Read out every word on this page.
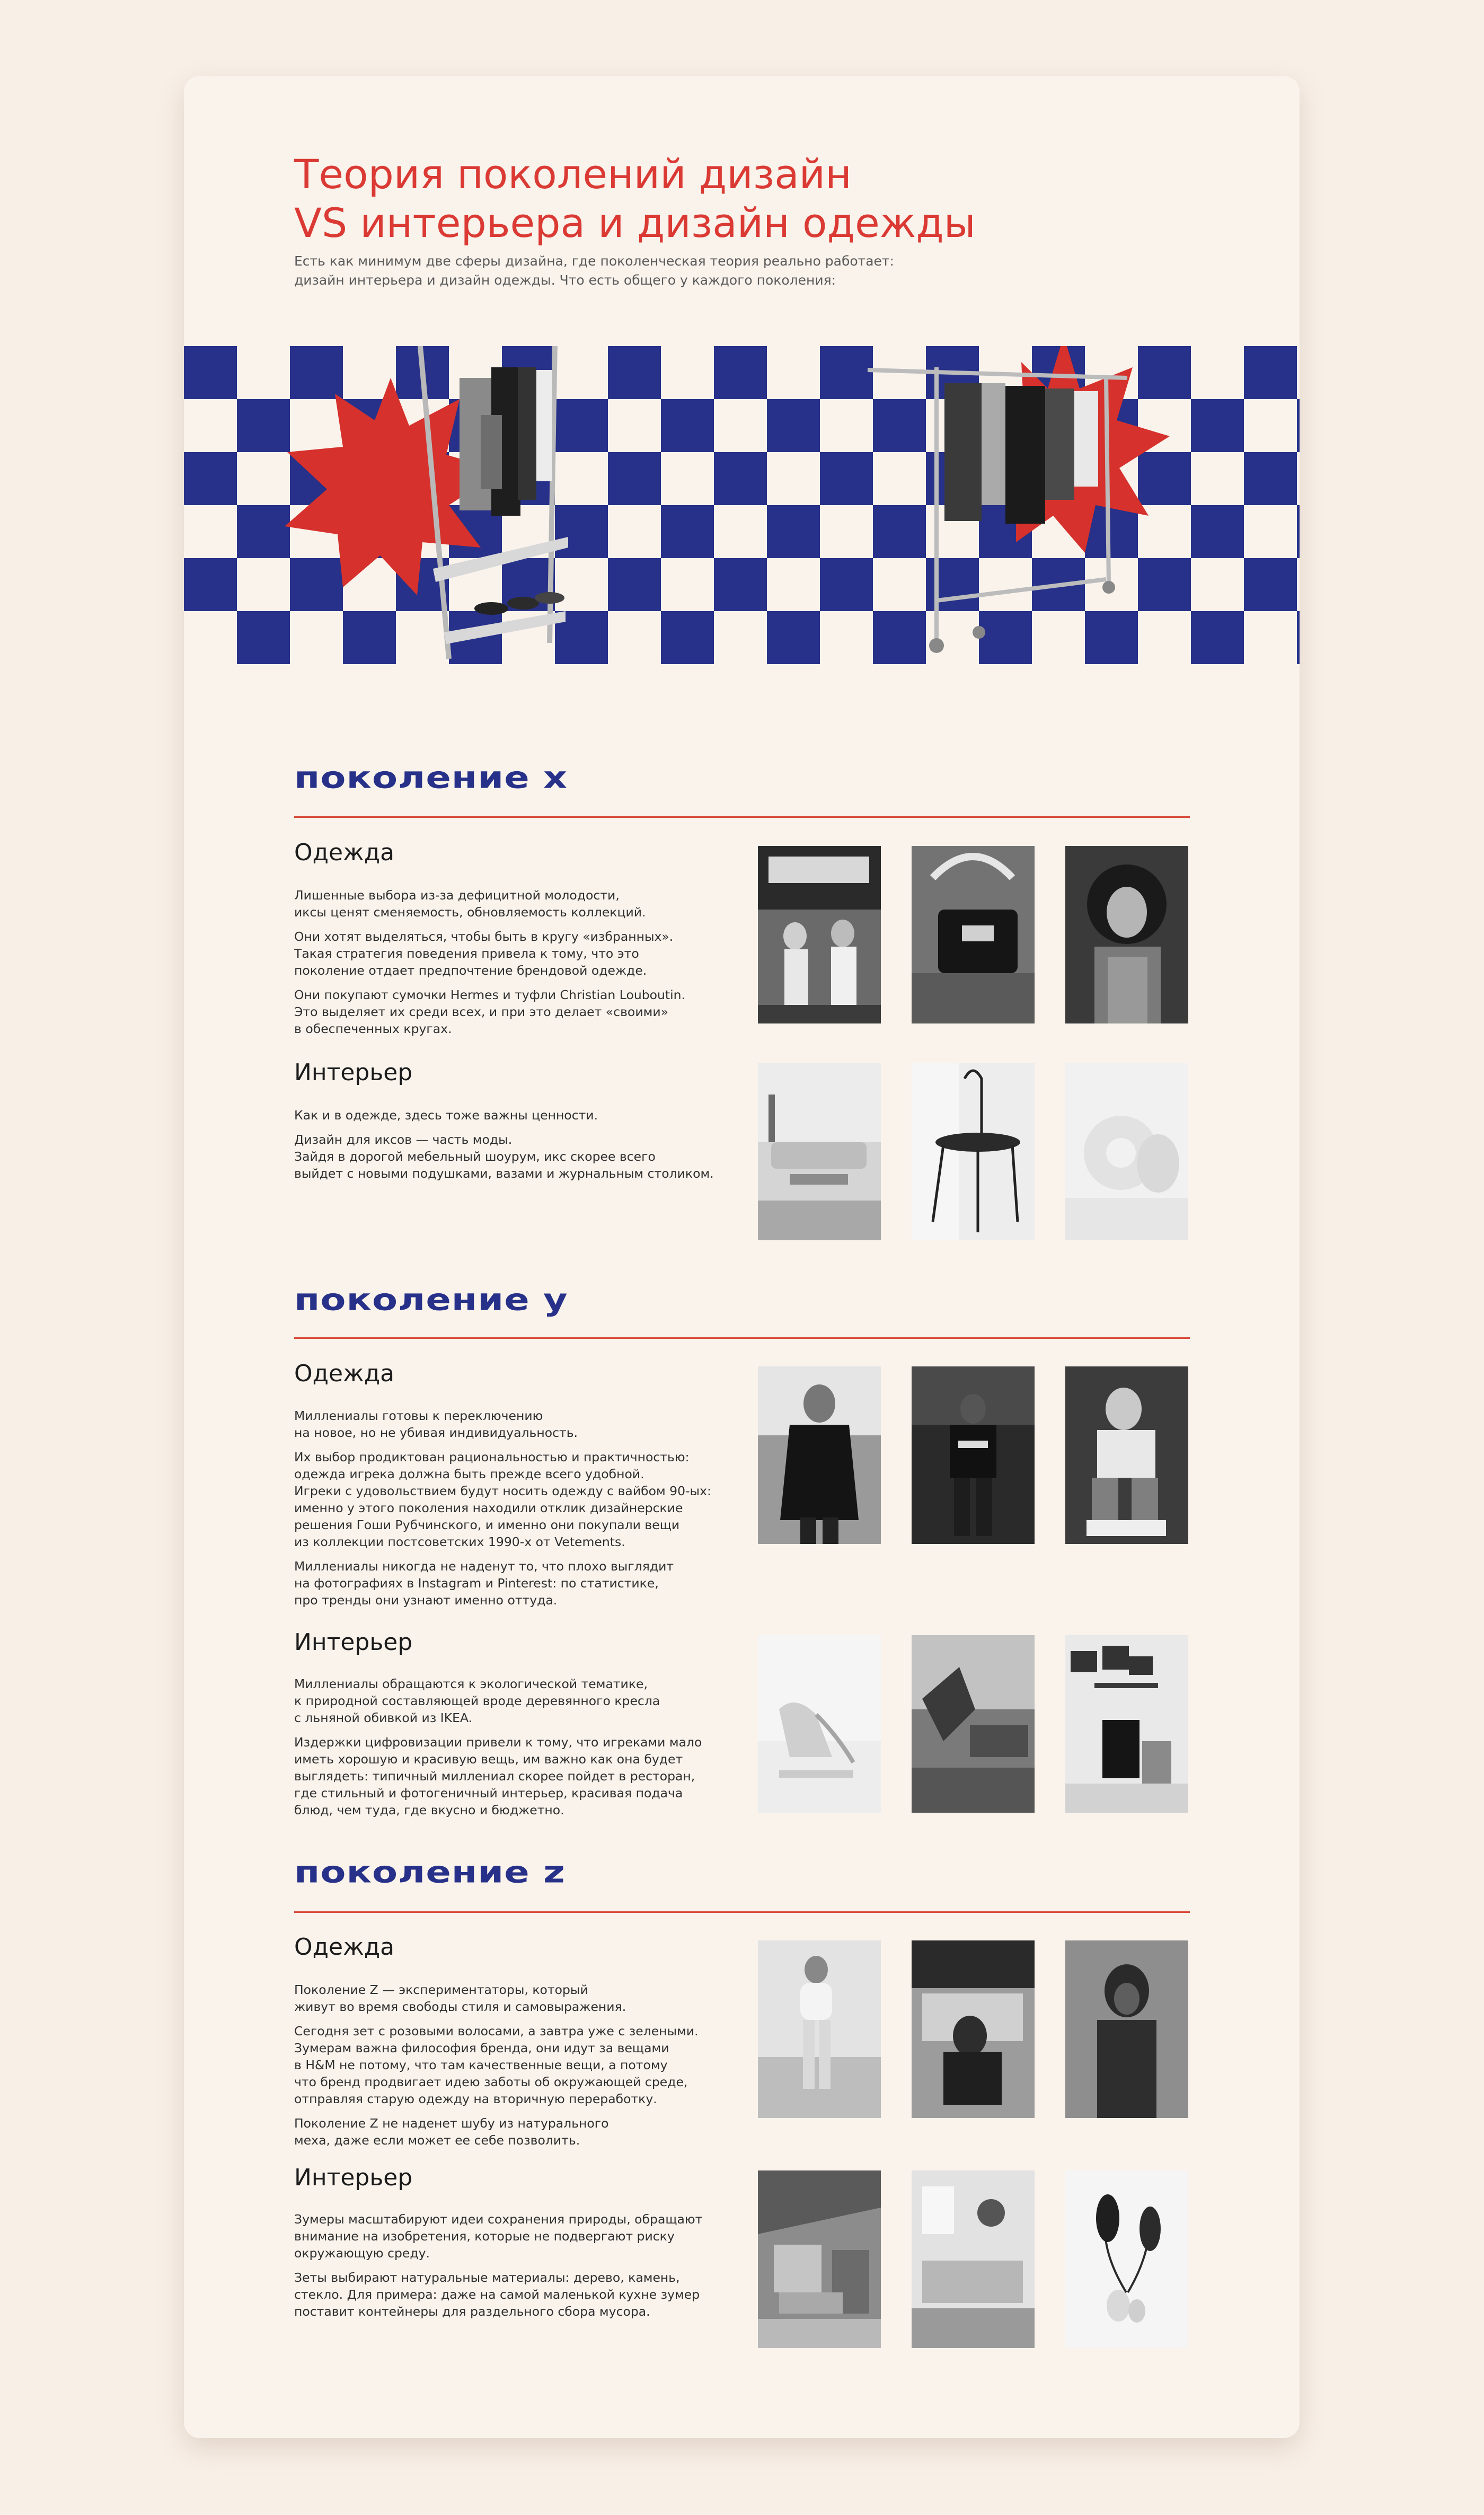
Теория поколений дизайн
VS интерьера и дизайн одежды

Есть как минимум две сферы дизайна, где поколенческая теория реально работает:
дизайн интерьера и дизайн одежды. Что есть общего у каждого поколения:

поколение x
Одежда

Лишенные выбора из-за дефицитной молодости,
иксы ценят сменяемость, обновляемость коллекций.

Они хотят выделяться, чтобы быть в кругу «избранных».
Такая стратегия поведения привела к тому, что это
поколение отдает предпочтение брендовой одежде.

Они покупают сумочки Hermes и туфли Christian Louboutin.
Это выделяет их среди всех, и при это делает «своими»
в обеспеченных кругах.

Интерьер

Как и в одежде, здесь тоже важны ценности.

Дизайн для иксов — часть моды.
Зайдя в дорогой мебельный шоурум, икс скорее всего
выйдет с новыми подушками, вазами и журнальным столиком.

поколение y
Одежда

Миллениалы готовы к переключению
на новое, но не убивая индивидуальность.

Их выбор продиктован рациональностью и практичностью:
одежда игрека должна быть прежде всего удобной.
Игреки с удовольствием будут носить одежду с вайбом 90-ых:
именно у этого поколения находили отклик дизайнерские
решения Гоши Рубчинского, и именно они покупали вещи
из коллекции постсоветских 1990-х от Vetements.

Миллениалы никогда не наденут то, что плохо выглядит
на фотографиях в Instagram и Pinterest: по статистике,
про тренды они узнают именно оттуда.

Интерьер

Миллениалы обращаются к экологической тематике,
к природной составляющей вроде деревянного кресла
с льняной обивкой из IKEA.

Издержки цифровизации привели к тому, что игреками мало
иметь хорошую и красивую вещь, им важно как она будет
выглядеть: типичный миллениал скорее пойдет в ресторан,
где стильный и фотогеничный интерьер, красивая подача
блюд, чем туда, где вкусно и бюджетно.

поколение z
Одежда

Поколение Z — экспериментаторы, который
живут во время свободы стиля и самовыражения.

Сегодня зет с розовыми волосами, а завтра уже с зелеными.
Зумерам важна философия бренда, они идут за вещами
в H&M не потому, что там качественные вещи, а потому
что бренд продвигает идею заботы об окружающей среде,
отправляя старую одежду на вторичную переработку.

Поколение Z не наденет шубу из натурального
меха, даже если может ее себе позволить.

Интерьер

Зумеры масштабируют идеи сохранения природы, обращают
внимание на изобретения, которые не подвергают риску
окружающую среду.

Зеты выбирают натуральные материалы: дерево, камень,
стекло. Для примера: даже на самой маленькой кухне зумер
поставит контейнеры для раздельного сбора мусора.
